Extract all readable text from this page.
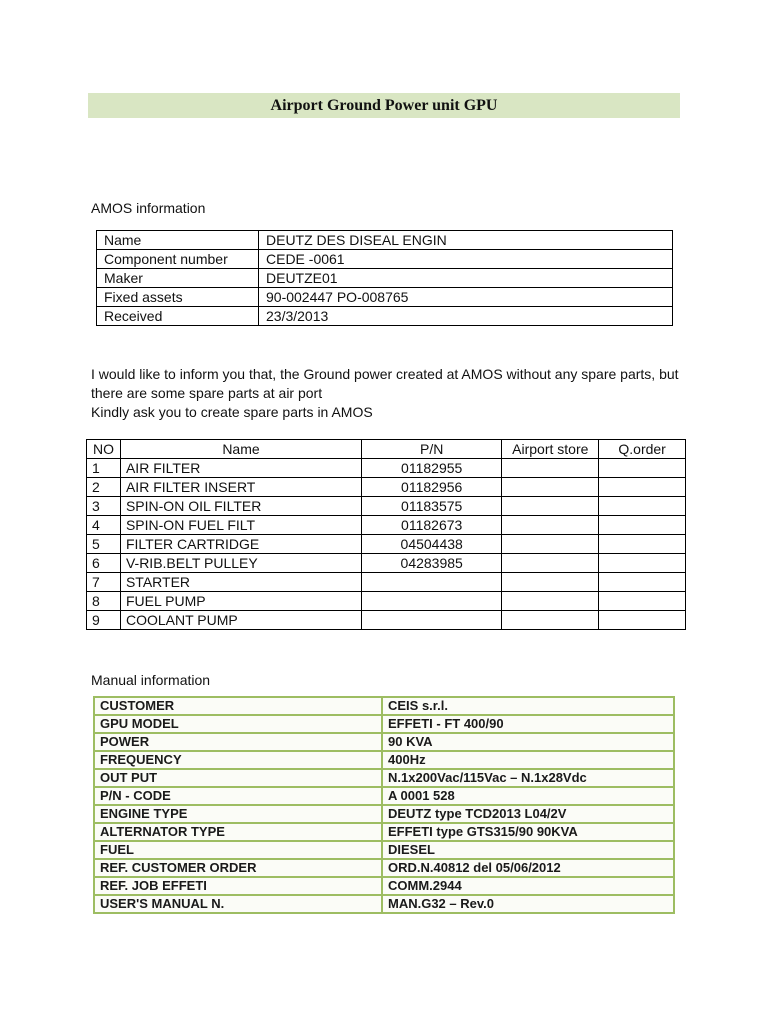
Airport Ground Power unit GPU
AMOS information
Name	DEUTZ DES DISEAL ENGIN
Component number	CEDE -0061
Maker	DEUTZE01
Fixed assets	90-002447 PO-008765
Received	23/3/2013
I would like to inform you that, the Ground power created at AMOS without any spare parts, but
there are some spare parts at air port
Kindly ask you to create spare parts in AMOS
NO	Name	P/N	Airport store	Q.order
1	AIR FILTER	01182955		
2	AIR FILTER INSERT	01182956		
3	SPIN-ON OIL FILTER	01183575		
4	SPIN-ON FUEL FILT	01182673		
5	FILTER CARTRIDGE	04504438		
6	V-RIB.BELT PULLEY	04283985		
7	STARTER			
8	FUEL PUMP			
9	COOLANT PUMP			
Manual information
CUSTOMER	CEIS s.r.l.
GPU MODEL	EFFETI - FT 400/90
POWER	90 KVA
FREQUENCY	400Hz
OUT PUT	N.1x200Vac/115Vac – N.1x28Vdc
P/N - CODE	A 0001 528
ENGINE TYPE	DEUTZ type TCD2013 L04/2V
ALTERNATOR TYPE	EFFETI type GTS315/90 90KVA
FUEL	DIESEL
REF. CUSTOMER ORDER	ORD.N.40812 del 05/06/2012
REF. JOB EFFETI	COMM.2944
USER'S MANUAL N.	MAN.G32 – Rev.0
